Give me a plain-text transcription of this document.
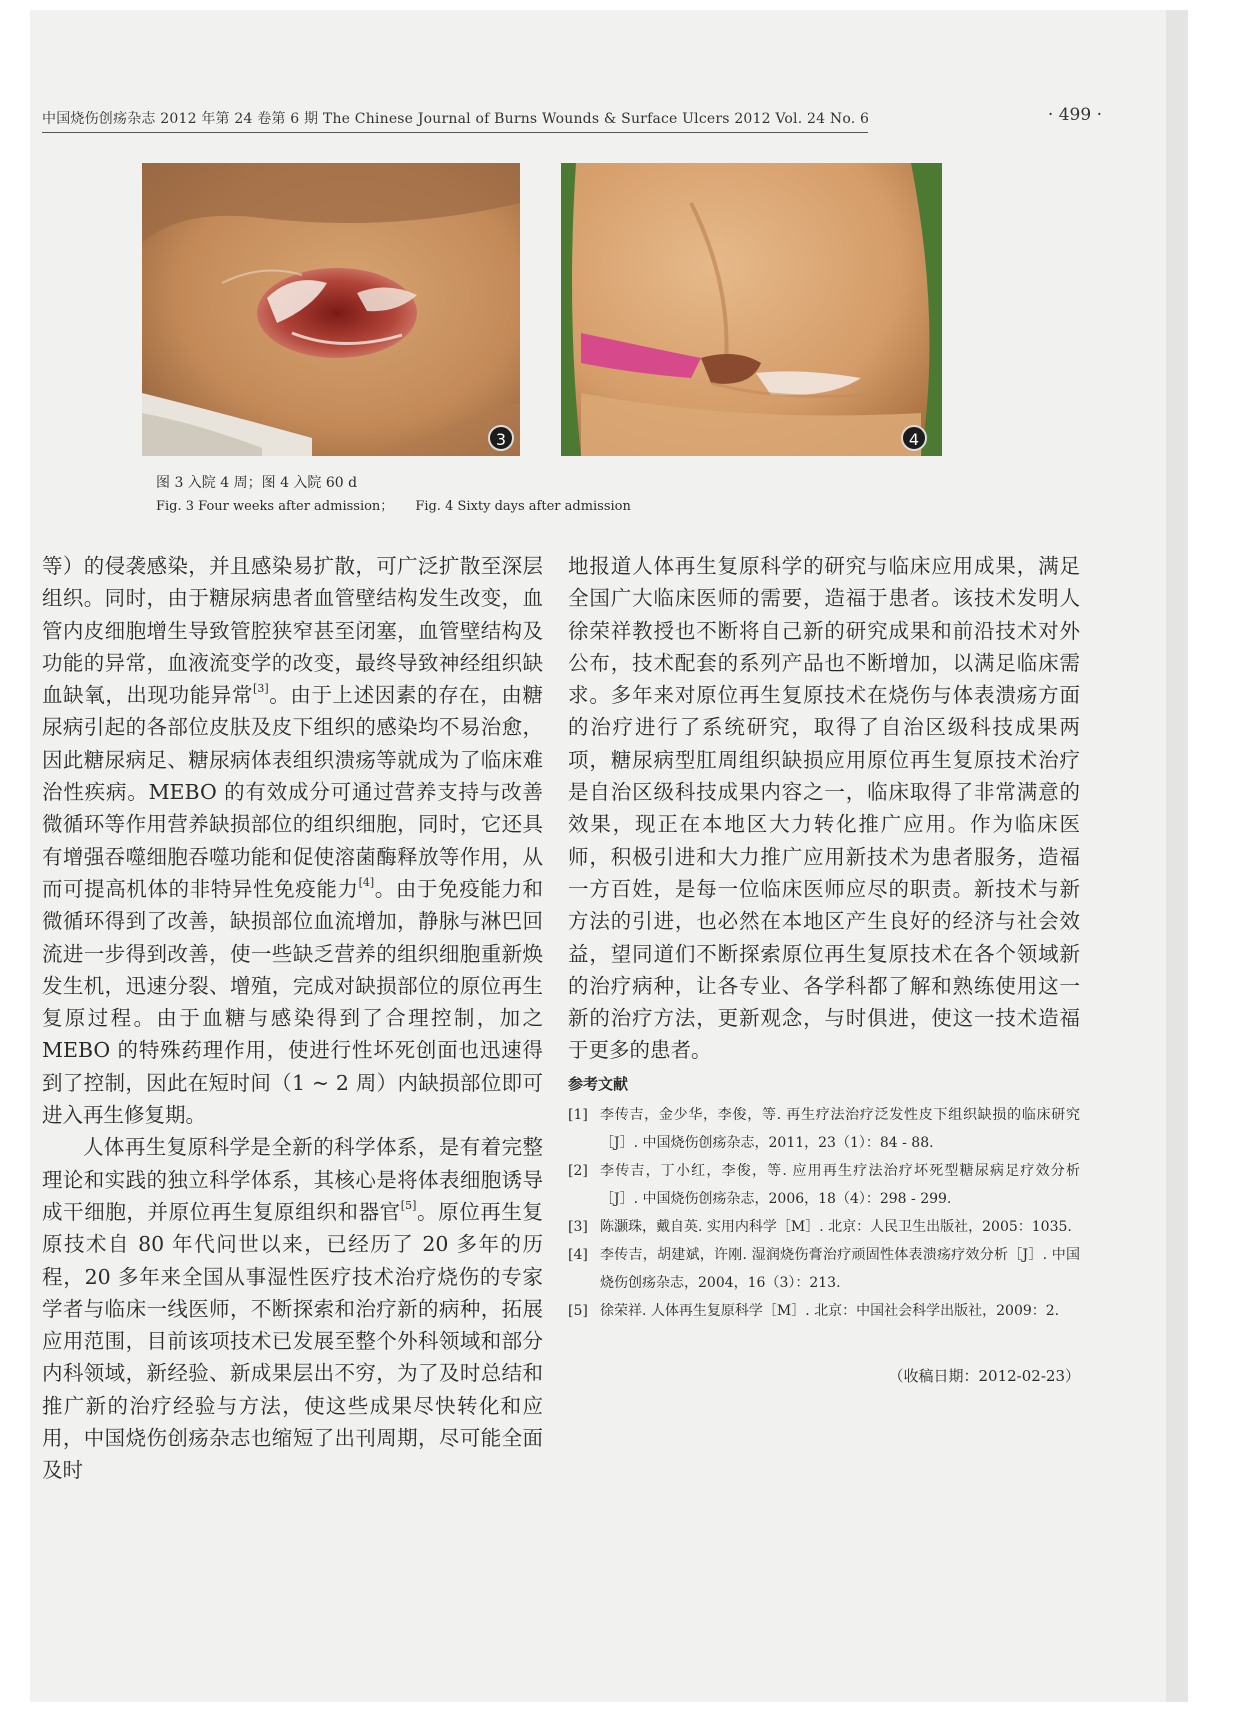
中国烧伤创疡杂志 2012 年第 24 卷第 6 期 The Chinese Journal of Burns Wounds & Surface Ulcers 2012 Vol. 24 No. 6	· 499 ·
3	4
图 3 入院 4 周；图 4 入院 60 d
Fig. 3 Four weeks after admission； Fig. 4 Sixty days after admission

等）的侵袭感染，并且感染易扩散，可广泛扩散至深层组织。同时，由于糖尿病患者血管壁结构发生改变，血管内皮细胞增生导致管腔狭窄甚至闭塞，血管壁结构及功能的异常，血液流变学的改变，最终导致神经组织缺血缺氧，出现功能异常[3]。由于上述因素的存在，由糖尿病引起的各部位皮肤及皮下组织的感染均不易治愈，因此糖尿病足、糖尿病体表组织溃疡等就成为了临床难治性疾病。MEBO 的有效成分可通过营养支持与改善微循环等作用营养缺损部位的组织细胞，同时，它还具有增强吞噬细胞吞噬功能和促使溶菌酶释放等作用，从而可提高机体的非特异性免疫能力[4]。由于免疫能力和微循环得到了改善，缺损部位血流增加，静脉与淋巴回流进一步得到改善，使一些缺乏营养的组织细胞重新焕发生机，迅速分裂、增殖，完成对缺损部位的原位再生复原过程。由于血糖与感染得到了合理控制，加之 MEBO 的特殊药理作用，使进行性坏死创面也迅速得到了控制，因此在短时间（1 ~ 2 周）内缺损部位即可进入再生修复期。

人体再生复原科学是全新的科学体系，是有着完整理论和实践的独立科学体系，其核心是将体表细胞诱导成干细胞，并原位再生复原组织和器官[5]。原位再生复原技术自 80 年代问世以来，已经历了 20 多年的历程，20 多年来全国从事湿性医疗技术治疗烧伤的专家学者与临床一线医师，不断探索和治疗新的病种，拓展应用范围，目前该项技术已发展至整个外科领域和部分内科领域，新经验、新成果层出不穷，为了及时总结和推广新的治疗经验与方法，使这些成果尽快转化和应用，中国烧伤创疡杂志也缩短了出刊周期，尽可能全面及时

地报道人体再生复原科学的研究与临床应用成果，满足全国广大临床医师的需要，造福于患者。该技术发明人徐荣祥教授也不断将自己新的研究成果和前沿技术对外公布，技术配套的系列产品也不断增加，以满足临床需求。多年来对原位再生复原技术在烧伤与体表溃疡方面的治疗进行了系统研究，取得了自治区级科技成果两项，糖尿病型肛周组织缺损应用原位再生复原技术治疗是自治区级科技成果内容之一，临床取得了非常满意的效果，现正在本地区大力转化推广应用。作为临床医师，积极引进和大力推广应用新技术为患者服务，造福一方百姓，是每一位临床医师应尽的职责。新技术与新方法的引进，也必然在本地区产生良好的经济与社会效益，望同道们不断探索原位再生复原技术在各个领域新的治疗病种，让各专业、各学科都了解和熟练使用这一新的治疗方法，更新观念，与时俱进，使这一技术造福于更多的患者。

参考文献
[1] 李传吉，金少华，李俊，等. 再生疗法治疗泛发性皮下组织缺损的临床研究［J］. 中国烧伤创疡杂志，2011，23（1）：84 - 88.
[2] 李传吉，丁小红，李俊，等. 应用再生疗法治疗坏死型糖尿病足疗效分析［J］. 中国烧伤创疡杂志，2006，18（4）：298 - 299.
[3] 陈灏珠，戴自英. 实用内科学［M］. 北京：人民卫生出版社，2005：1035.
[4] 李传吉，胡建斌，许刚. 湿润烧伤膏治疗顽固性体表溃疡疗效分析［J］. 中国烧伤创疡杂志，2004，16（3）：213.
[5] 徐荣祥. 人体再生复原科学［M］. 北京：中国社会科学出版社，2009：2.
（收稿日期：2012-02-23）
